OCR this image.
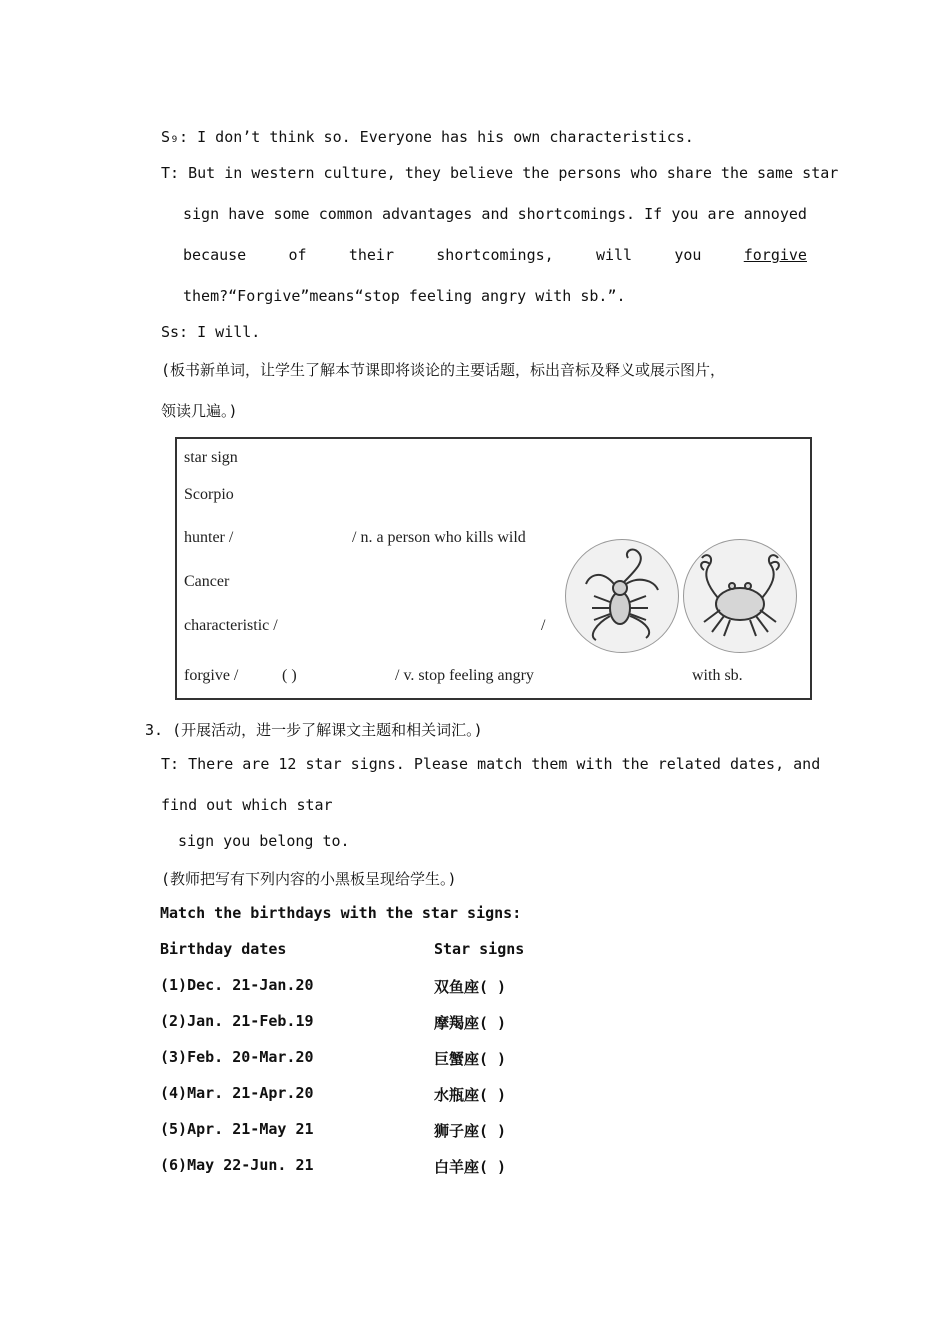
S₉: I don’t think so. Everyone has his own characteristics.
T: But in western culture, they believe the persons who share the same star
sign have some common advantages and shortcomings. If you are annoyed
because	of	their	shortcomings,	will	you	forgive
them?“Forgive”means“stop feeling angry with sb.”.
Ss: I will.
(板书新单词，让学生了解本节课即将谈论的主要话题，标出音标及释义或展示图片，
领读几遍。)
star sign
Scorpio
hunter /	/ n. a person who kills wild
Cancer
characteristic /	/
forgive /	( )	/ v. stop feeling angry	with sb.
3. (开展活动，进一步了解课文主题和相关词汇。)
T: There are 12 star signs. Please match them with the related dates, and
find out which star
sign you belong to.
(教师把写有下列内容的小黑板呈现给学生。)
Match the birthdays with the star signs:
Birthday dates	Star signs
(1)Dec. 21-Jan.20	双鱼座( )
(2)Jan. 21-Feb.19	摩羯座( )
(3)Feb. 20-Mar.20	巨蟹座( )
(4)Mar. 21-Apr.20	水瓶座( )
(5)Apr. 21-May 21	狮子座( )
(6)May 22-Jun. 21	白羊座( )
